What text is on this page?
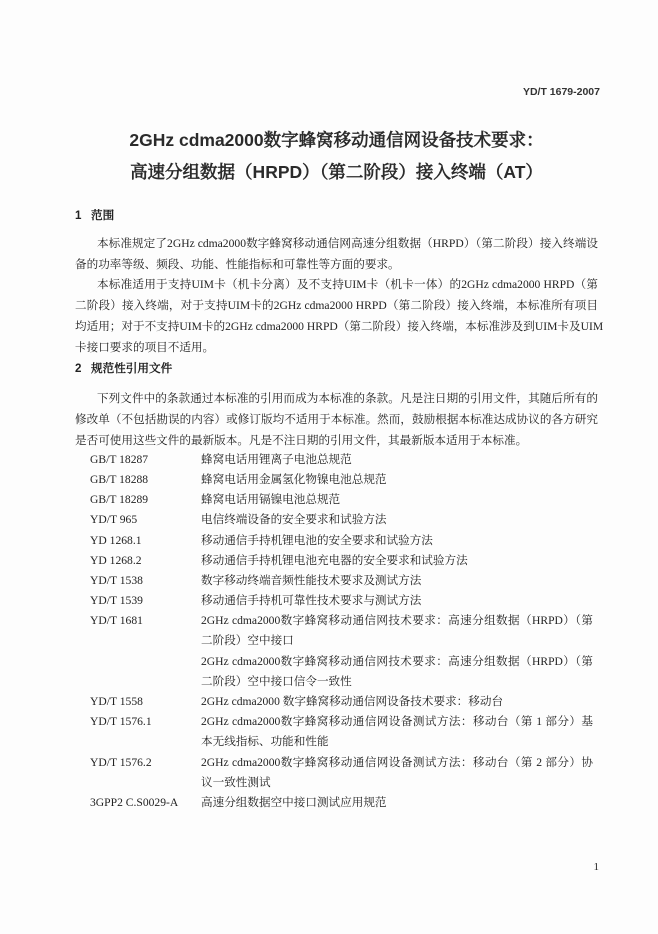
YD/T 1679-2007
2GHz cdma2000数字蜂窝移动通信网设备技术要求：
高速分组数据（HRPD）（第二阶段）接入终端（AT）
1 范围
本标准规定了2GHz cdma2000数字蜂窝移动通信网高速分组数据（HRPD）（第二阶段）接入终端设
备的功率等级、频段、功能、性能指标和可靠性等方面的要求。
本标准适用于支持UIM卡（机卡分离）及不支持UIM卡（机卡一体）的2GHz cdma2000 HRPD（第
二阶段）接入终端，对于支持UIM卡的2GHz cdma2000 HRPD（第二阶段）接入终端，本标准所有项目
均适用；对于不支持UIM卡的2GHz cdma2000 HRPD（第二阶段）接入终端，本标准涉及到UIM卡及UIM
卡接口要求的项目不适用。
2 规范性引用文件
下列文件中的条款通过本标准的引用而成为本标准的条款。凡是注日期的引用文件，其随后所有的
修改单（不包括勘误的内容）或修订版均不适用于本标准。然而，鼓励根据本标准达成协议的各方研究
是否可使用这些文件的最新版本。凡是不注日期的引用文件，其最新版本适用于本标准。
GB/T 18287	蜂窝电话用锂离子电池总规范
GB/T 18288	蜂窝电话用金属氢化物镍电池总规范
GB/T 18289	蜂窝电话用镉镍电池总规范
YD/T 965	电信终端设备的安全要求和试验方法
YD 1268.1	移动通信手持机锂电池的安全要求和试验方法
YD 1268.2	移动通信手持机锂电池充电器的安全要求和试验方法
YD/T 1538	数字移动终端音频性能技术要求及测试方法
YD/T 1539	移动通信手持机可靠性技术要求与测试方法
YD/T 1681	2GHz cdma2000数字蜂窝移动通信网技术要求：高速分组数据（HRPD）（第
二阶段）空中接口
2GHz cdma2000数字蜂窝移动通信网技术要求：高速分组数据（HRPD）（第
二阶段）空中接口信令一致性
YD/T 1558	2GHz cdma2000 数字蜂窝移动通信网设备技术要求：移动台
YD/T 1576.1	2GHz cdma2000数字蜂窝移动通信网设备测试方法：移动台（第 1 部分）基
本无线指标、功能和性能
YD/T 1576.2	2GHz cdma2000数字蜂窝移动通信网设备测试方法：移动台（第 2 部分）协
议一致性测试
3GPP2 C.S0029-A 高速分组数据空中接口测试应用规范
1
